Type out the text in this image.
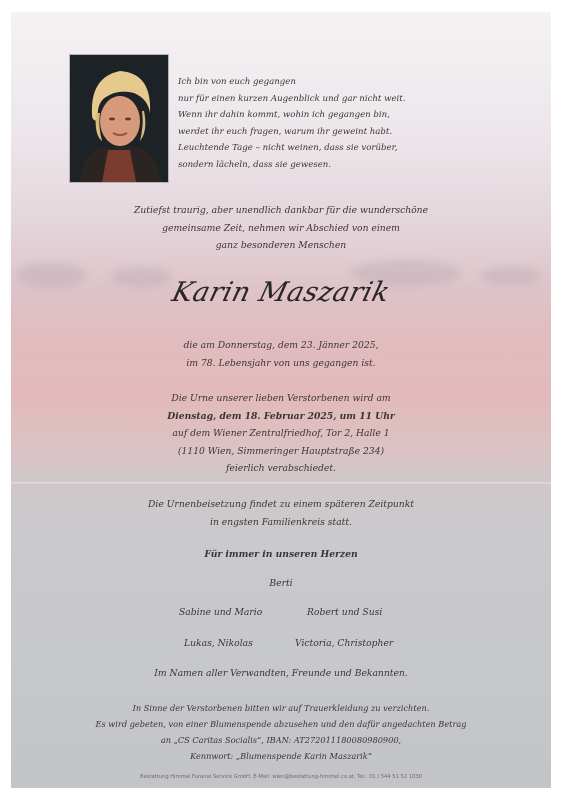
Ich bin von euch gegangen
nur für einen kurzen Augenblick und gar nicht weit.
Wenn ihr dahin kommt, wohin ich gegangen bin,
werdet ihr euch fragen, warum ihr geweint habt.
Leuchtende Tage – nicht weinen, dass sie vorüber,
sondern lächeln, dass sie gewesen.
Zutiefst traurig, aber unendlich dankbar für die wunderschöne
gemeinsame Zeit, nehmen wir Abschied von einem
ganz besonderen Menschen
Karin Maszarik
die am Donnerstag, dem 23. Jänner 2025,
im 78. Lebensjahr von uns gegangen ist.
Die Urne unserer lieben Verstorbenen wird am
Dienstag, dem 18. Februar 2025, um 11 Uhr
auf dem Wiener Zentralfriedhof, Tor 2, Halle 1
(1110 Wien, Simmeringer Hauptstraße 234)
feierlich verabschiedet.
Die Urnenbeisetzung findet zu einem späteren Zeitpunkt
in engsten Familienkreis statt.
Für immer in unseren Herzen
Berti
Sabine und Mario	Robert und Susi
Lukas, Nikolas	Victoria, Christopher
Im Namen aller Verwandten, Freunde und Bekannten.
In Sinne der Verstorbenen bitten wir auf Trauerkleidung zu verzichten.
Es wird gebeten, von einer Blumenspende abzusehen und den dafür angedachten Betrag
an „CS Caritas Socialis“, IBAN: AT272011180080980900,
Kennwort: „Blumenspende Karin Maszarik“
Bestattung Himmel Funeral Service GmbH, E-Mail: wien@bestattung-himmel.co.at, Tel.: 01 / 544 51 52 1030
